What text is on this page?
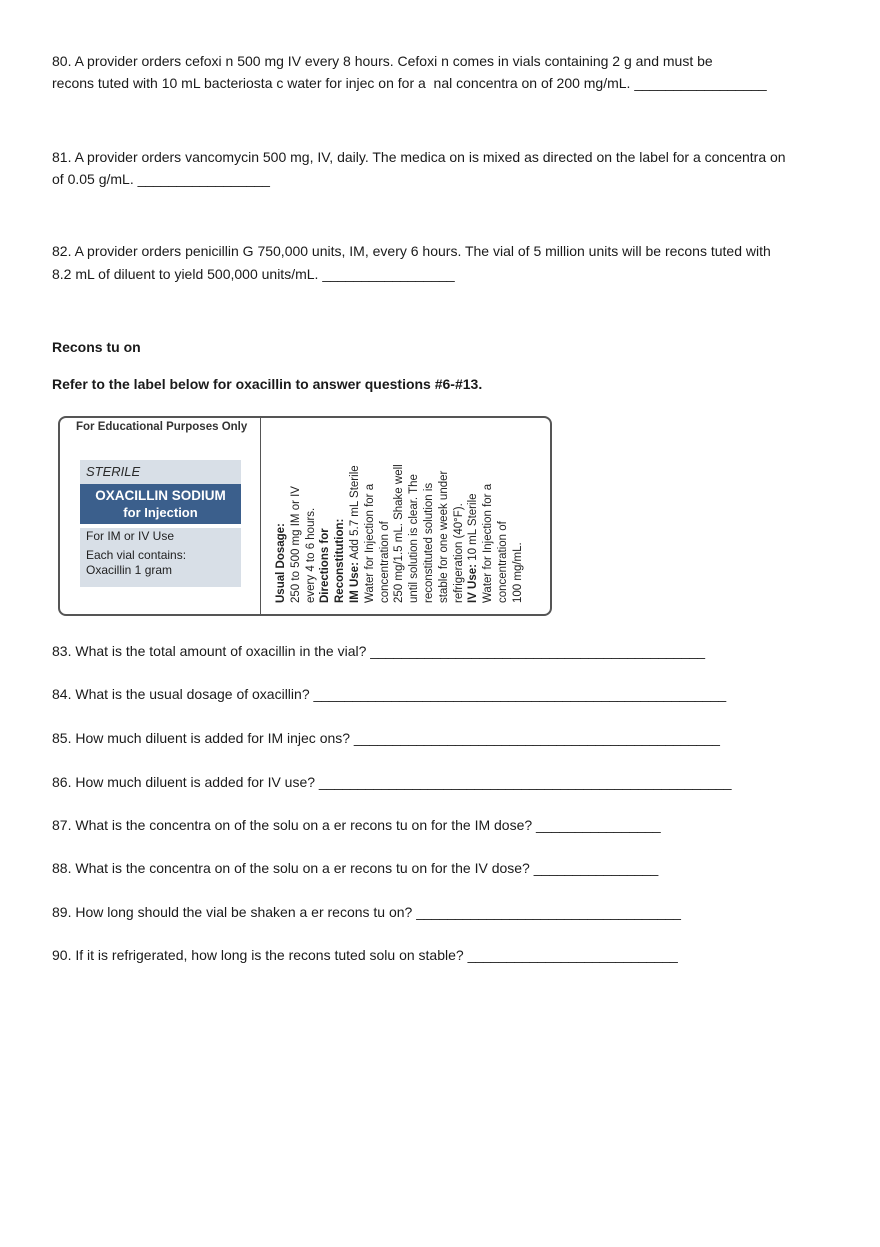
80. A provider orders cefoxi n 500 mg IV every 8 hours. Cefoxi n comes in vials containing 2 g and must be
recons tuted with 10 mL bacteriosta c water for injec on for a  nal concentra on of 200 mg/mL. _________________
81. A provider orders vancomycin 500 mg, IV, daily. The medica on is mixed as directed on the label for a concentra on
of 0.05 g/mL. _________________
82. A provider orders penicillin G 750,000 units, IM, every 6 hours. The vial of 5 million units will be recons tuted with
8.2 mL of diluent to yield 500,000 units/mL. _________________
Recons tu on
Refer to the label below for oxacillin to answer questions #6-#13.
For Educational Purposes Only
STERILE
OXACILLIN SODIUM
for Injection
For IM or IV Use
Each vial contains:
Oxacillin 1 gram	Usual Dosage: 250 to 500 mg IM or IV every 4 to 6 hours. Directions for Reconstitution: IM Use: Add 5.7 mL Sterile Water for Injection for a concentration of 250 mg/1.5 mL. Shake well until solution is clear. The reconstituted solution is stable for one week under refrigeration (40°F). IV Use: 10 mL Sterile Water for Injection for a concentration of 100 mg/mL.
83. What is the total amount of oxacillin in the vial? ___________________________________________
84. What is the usual dosage of oxacillin? _____________________________________________________
85. How much diluent is added for IM injec ons? _______________________________________________
86. How much diluent is added for IV use? _____________________________________________________
87. What is the concentra on of the solu on a er recons tu on for the IM dose? ________________
88. What is the concentra on of the solu on a er recons tu on for the IV dose? ________________
89. How long should the vial be shaken a er recons tu on? __________________________________
90. If it is refrigerated, how long is the recons tuted solu on stable? ___________________________
